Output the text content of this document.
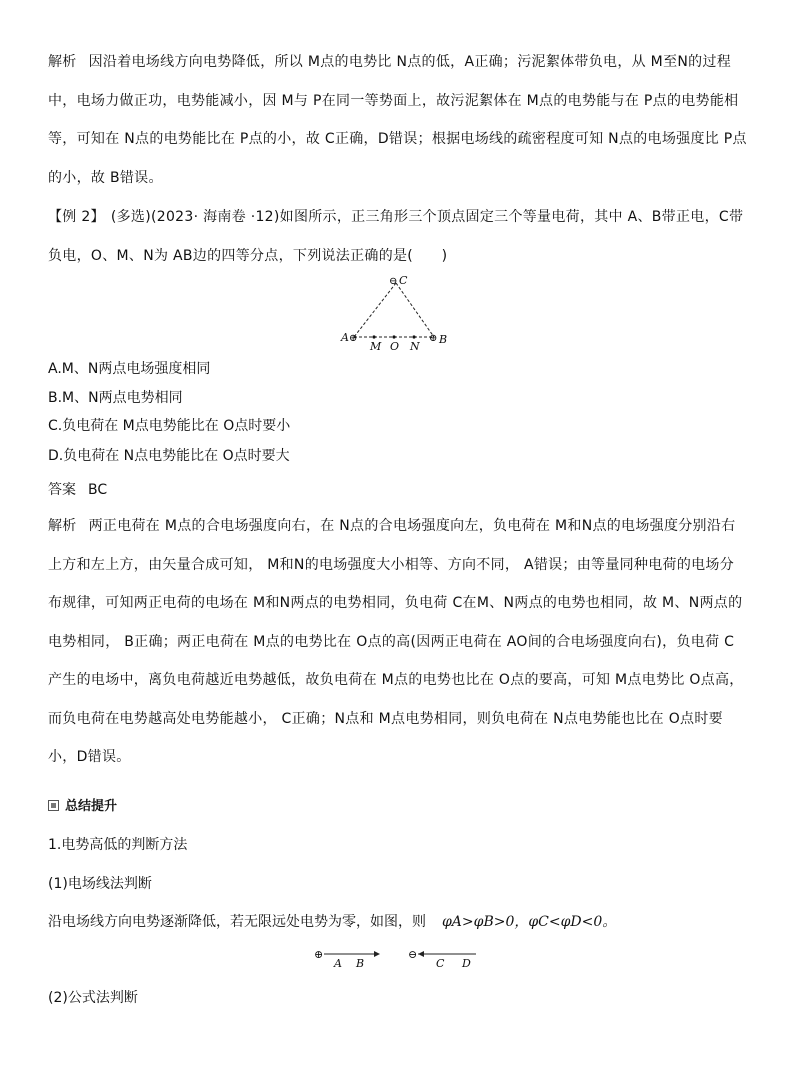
解析 因沿着电场线方向电势降低，所以 M点的电势比 N点的低，A正确；污泥絮体带负电，从 M至N的过程中，电场力做正功，电势能减小，因 M与 P在同一等势面上，故污泥絮体在 M点的电势能与在 P点的电势能相等，可知在 N点的电势能比在 P点的小，故 C正确，D错误；根据电场线的疏密程度可知 N点的电场强度比 P点的小，故 B错误。

【例 2】 (多选)(2023· 海南卷 ·12)如图所示，正三角形三个顶点固定三个等量电荷，其中 A、B带正电，C带负电，O、M、N为 AB边的四等分点，下列说法正确的是(　　)

⊖ C
⊕
A	⊕ B
M O N
A.M、N两点电场强度相同
B.M、N两点电势相同
C.负电荷在 M点电势能比在 O点时要小
D.负电荷在 N点电势能比在 O点时要大
答案 BC

解析 两正电荷在 M点的合电场强度向右，在 N点的合电场强度向左，负电荷在 M和N点的电场强度分别沿右上方和左上方，由矢量合成可知， M和N的电场强度大小相等、方向不同， A错误；由等量同种电荷的电场分布规律，可知两正电荷的电场在 M和N两点的电势相同，负电荷 C在M、N两点的电势也相同，故 M、N两点的电势相同， B正确；两正电荷在 M点的电势比在 O点的高(因两正电荷在 AO间的合电场强度向右)，负电荷 C产生的电场中，离负电荷越近电势越低，故负电荷在 M点的电势也比在 O点的要高，可知 M点电势比 O点高，而负电荷在电势越高处电势能越小， C正确；N点和 M点电势相同，则负电荷在 N点电势能也比在 O点时要小，D错误。

总结提升
1.电势高低的判断方法
(1)电场线法判断
沿电场线方向电势逐渐降低，若无限远处电势为零，如图，则 φA>φB>0，φC<φD<0。
⊕
A B
⊖
C D
(2)公式法判断
